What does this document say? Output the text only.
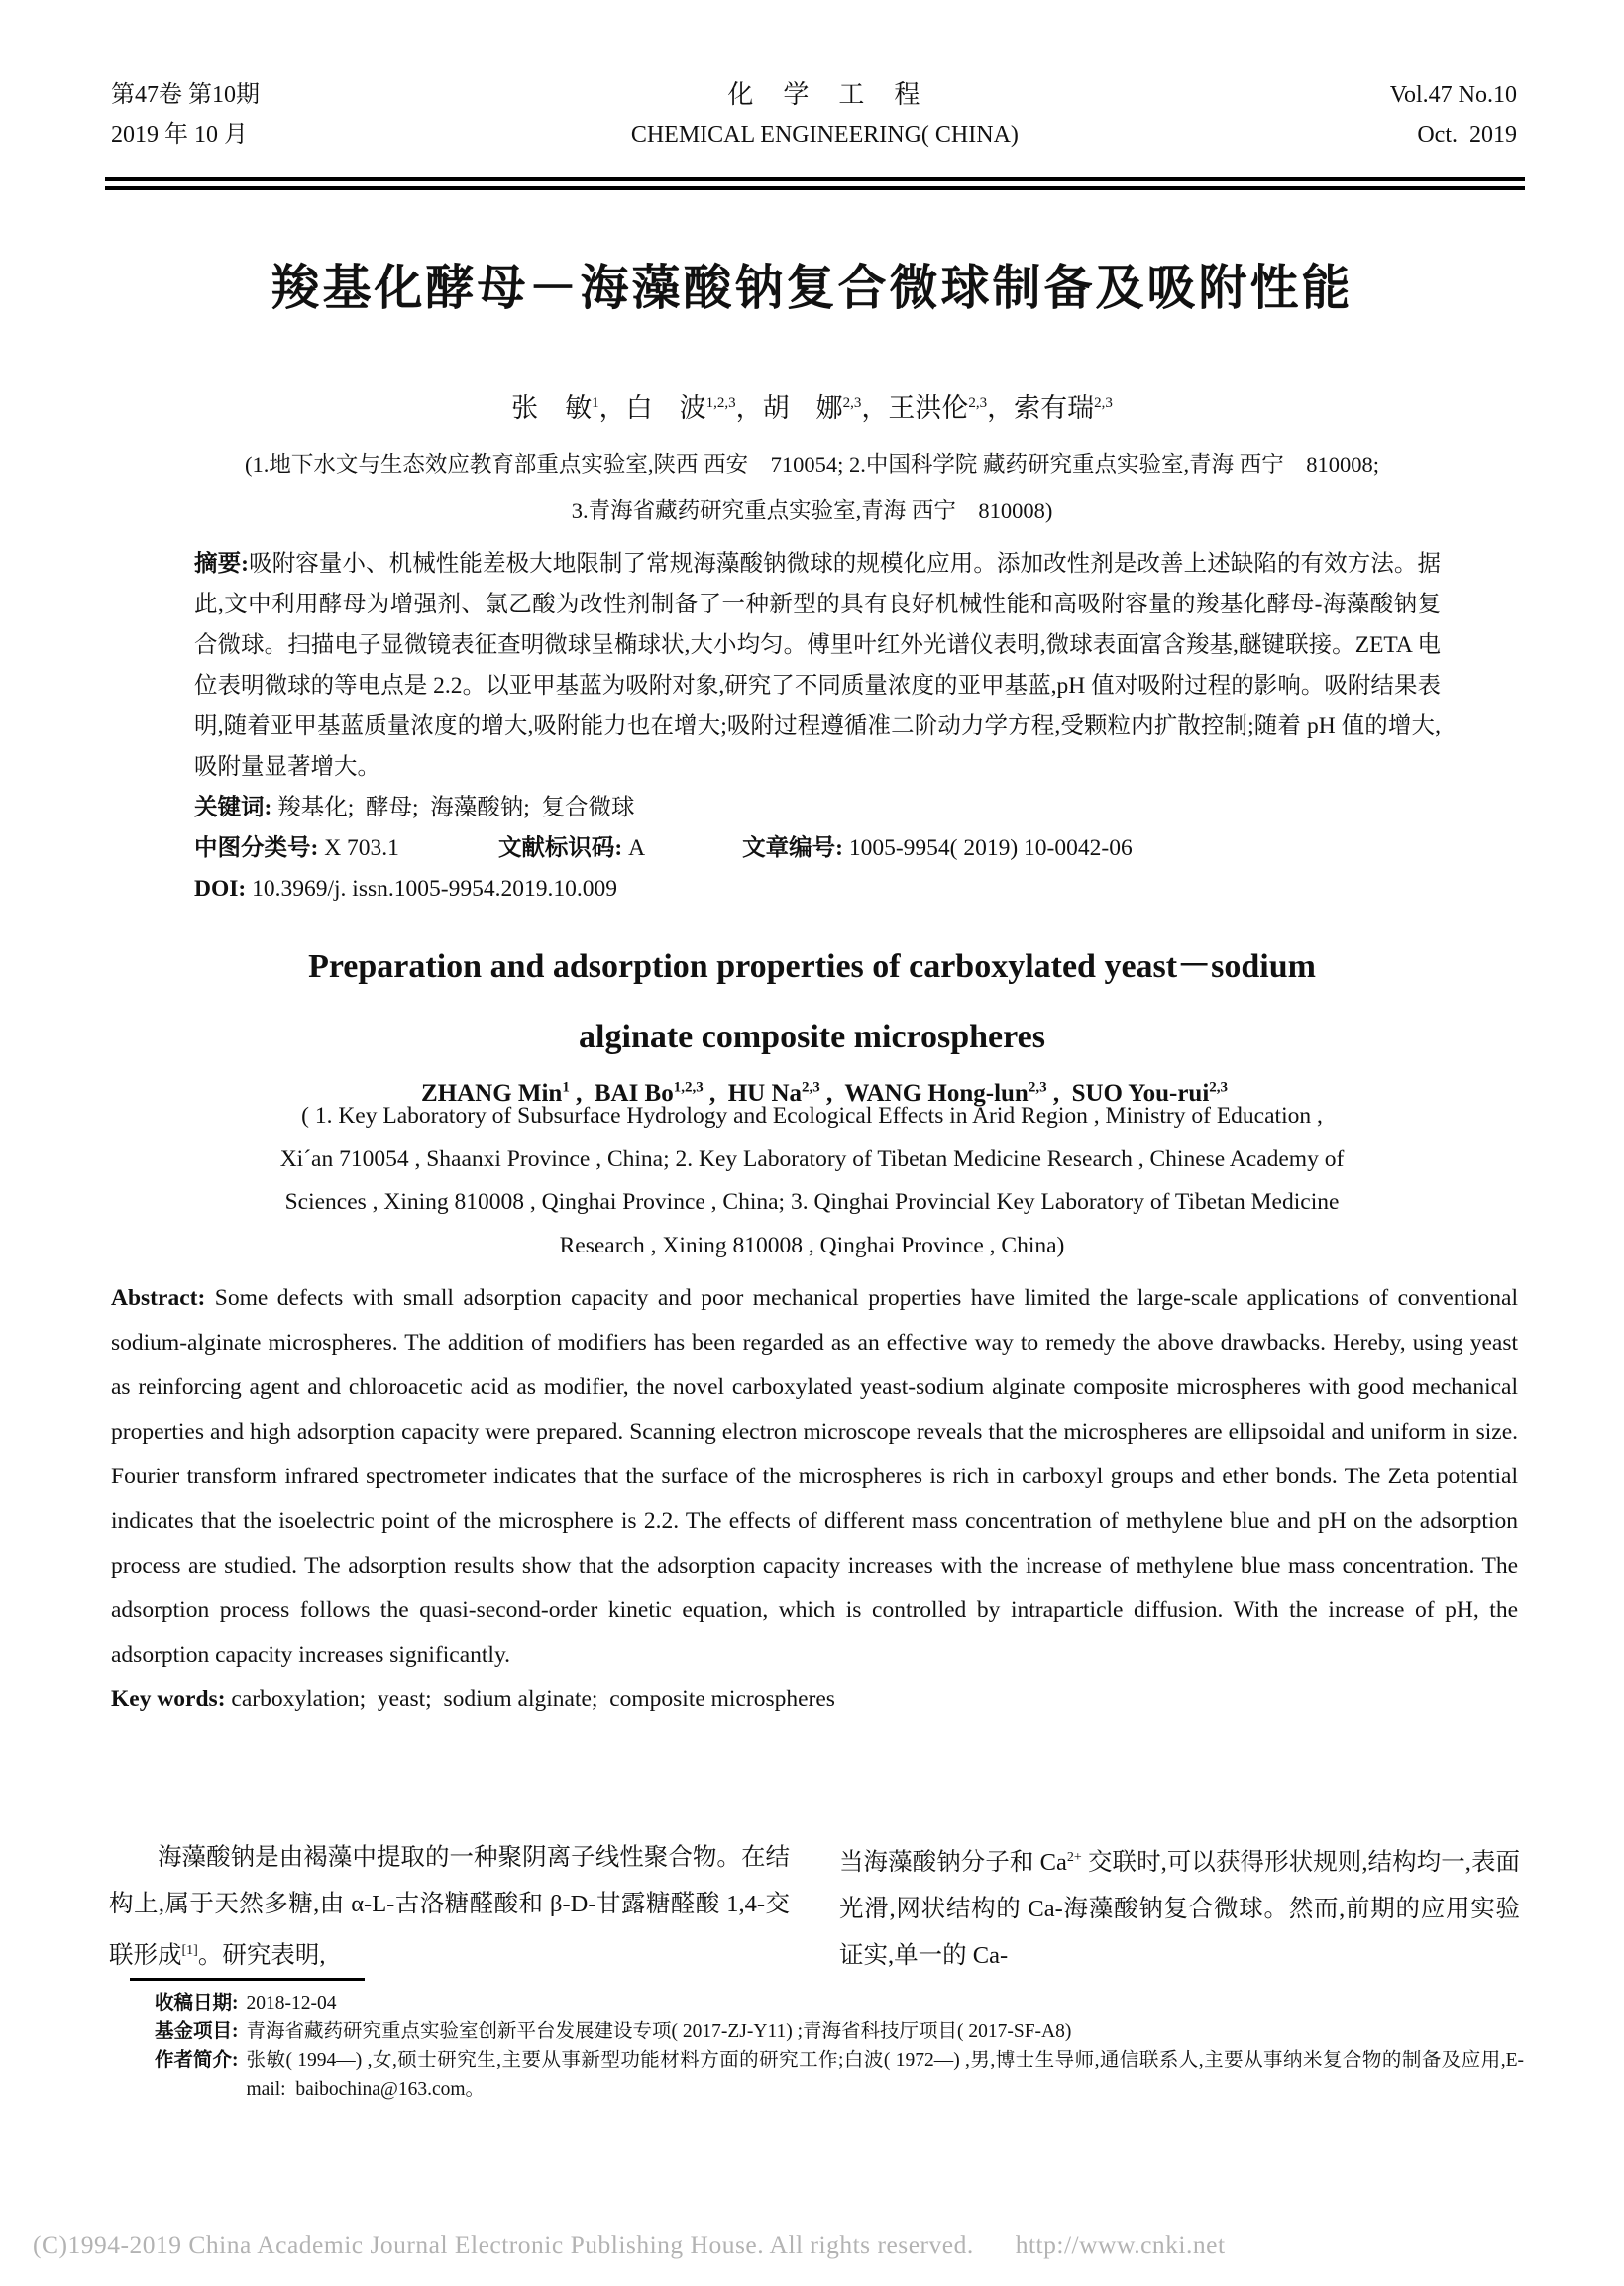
第47卷 第10期
2019 年 10 月
化　学　工　程
CHEMICAL ENGINEERING( CHINA)
Vol.47 No.10
Oct.  2019
羧基化酵母－海藻酸钠复合微球制备及吸附性能
张　敏$^1$，白　波$^{1,2,3}$，胡　娜$^{2,3}$，王洪伦$^{2,3}$，索有瑞$^{2,3}$
(1.地下水文与生态效应教育部重点实验室,陕西 西安　710054; 2.中国科学院 藏药研究重点实验室,青海 西宁　810008;
3.青海省藏药研究重点实验室,青海 西宁　810008)

摘要:吸附容量小、机械性能差极大地限制了常规海藻酸钠微球的规模化应用。添加改性剂是改善上述缺陷的有效方法。据此,文中利用酵母为增强剂、氯乙酸为改性剂制备了一种新型的具有良好机械性能和高吸附容量的羧基化酵母-海藻酸钠复合微球。扫描电子显微镜表征查明微球呈椭球状,大小均匀。傅里叶红外光谱仪表明,微球表面富含羧基,醚键联接。ZETA 电位表明微球的等电点是 2.2。以亚甲基蓝为吸附对象,研究了不同质量浓度的亚甲基蓝,pH 值对吸附过程的影响。吸附结果表明,随着亚甲基蓝质量浓度的增大,吸附能力也在增大;吸附过程遵循准二阶动力学方程,受颗粒内扩散控制;随着 pH 值的增大,吸附量显著增大。

关键词: 羧基化;  酵母;  海藻酸钠;  复合微球

中图分类号: X 703.1	文献标识码: A	文章编号: 1005-9954( 2019) 10-0042-06

DOI: 10.3969/j. issn.1005-9954.2019.10.009

Preparation and adsorption properties of carboxylated yeast－sodium
alginate composite microspheres

ZHANG Min$^1$ ,  BAI Bo$^{1,2,3}$ ,  HU Na$^{2,3}$ ,  WANG Hong-lun$^{2,3}$ ,  SUO You-rui$^{2,3}$

( 1. Key Laboratory of Subsurface Hydrology and Ecological Effects in Arid Region , Ministry of Education ,
Xi´an 710054 , Shaanxi Province , China; 2. Key Laboratory of Tibetan Medicine Research , Chinese Academy of
Sciences , Xining 810008 , Qinghai Province , China; 3. Qinghai Provincial Key Laboratory of Tibetan Medicine
Research , Xining 810008 , Qinghai Province , China)

Abstract: Some defects with small adsorption capacity and poor mechanical properties have limited the large-scale applications of conventional sodium-alginate microspheres. The addition of modifiers has been regarded as an effective way to remedy the above drawbacks. Hereby, using yeast as reinforcing agent and chloroacetic acid as modifier, the novel carboxylated yeast-sodium alginate composite microspheres with good mechanical properties and high adsorption capacity were prepared. Scanning electron microscope reveals that the microspheres are ellipsoidal and uniform in size. Fourier transform infrared spectrometer indicates that the surface of the microspheres is rich in carboxyl groups and ether bonds. The Zeta potential indicates that the isoelectric point of the microsphere is 2.2. The effects of different mass concentration of methylene blue and pH on the adsorption process are studied. The adsorption results show that the adsorption capacity increases with the increase of methylene blue mass concentration. The adsorption process follows the quasi-second-order kinetic equation, which is controlled by intraparticle diffusion. With the increase of pH, the adsorption capacity increases significantly.

Key words: carboxylation;  yeast;  sodium alginate;  composite microspheres

海藻酸钠是由褐藻中提取的一种聚阴离子线性聚合物。在结构上,属于天然多糖,由 α-L-古洛糖醛酸和 β-D-甘露糖醛酸 1,4-交联形成[1]。研究表明,

当海藻酸钠分子和 $Ca^{2+}$ 交联时,可以获得形状规则,结构均一,表面光滑,网状结构的 Ca-海藻酸钠复合微球。然而,前期的应用实验证实,单一的 Ca-

收稿日期: 2018-12-04
基金项目: 青海省藏药研究重点实验室创新平台发展建设专项( 2017-ZJ-Y11) ;青海省科技厅项目( 2017-SF-A8)
作者简介: 张敏( 1994—) ,女,硕士研究生,主要从事新型功能材料方面的研究工作;白波( 1972—) ,男,博士生导师,通信联系人,主要从事纳米复合物的制备及应用,E-mail:  baibochina@163.com。
(C)1994-2019 China Academic Journal Electronic Publishing House. All rights reserved. http://www.cnki.net
